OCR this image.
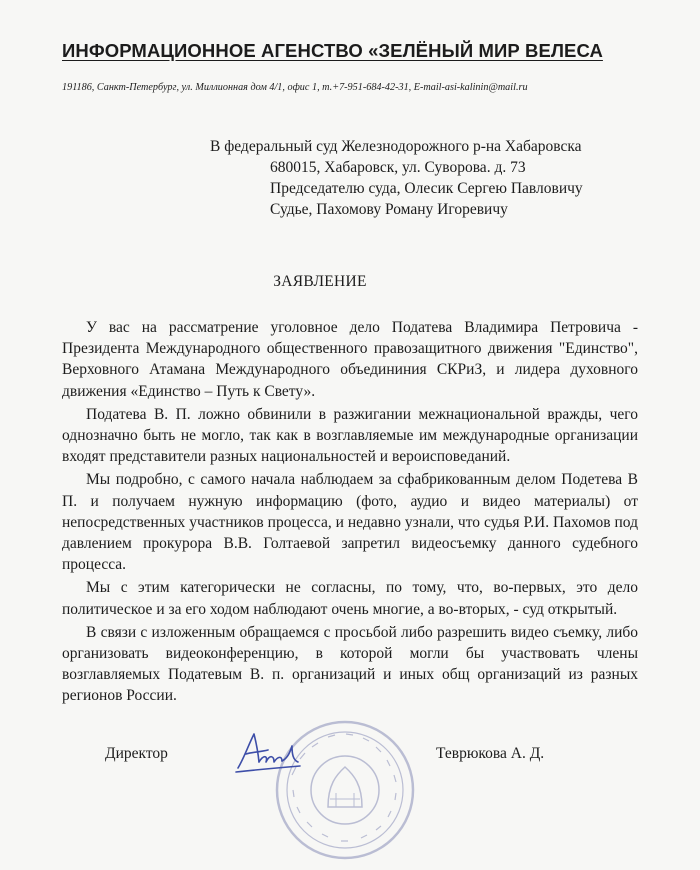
ИНФОРМАЦИОННОЕ АГЕНСТВО «ЗЕЛЁНЫЙ МИР ВЕЛЕСА
191186, Санкт-Петербург, ул. Миллионная дом 4/1, офис 1, т.+7-951-684-42-31, E-mail-asi-kalinin@mail.ru
В федеральный суд Железнодорожного р-на Хабаровска
680015, Хабаровск, ул. Суворова. д. 73
Председателю суда, Олесик Сергею Павловичу
Судье, Пахомову Роману Игоревичу
ЗАЯВЛЕНИЕ

У вас на рассматрение уголовное дело Податева Владимира Петровича - Президента Международного общественного правозащитного движения "Единство", Верховного Атамана Международного объедининия СКРиЗ, и лидера духовного движения «Единство – Путь к Свету».

Податева В. П. ложно обвинили в разжигании межнациональной вражды, чего однозначно быть не могло, так как в возглавляемые им международные организации входят представители разных национальностей и вероисповеданий.

Мы подробно, с самого начала наблюдаем за сфабрикованным делом Подетева В П. и получаем нужную информацию (фото, аудио и видео материалы) от непосредственных участников процесса, и недавно узнали, что судья Р.И. Пахомов под давлением прокурора В.В. Голтаевой запретил видеосъемку данного судебного процесса.

Мы с этим категорически не согласны, по тому, что, во-первых, это дело политическое и за его ходом наблюдают очень многие, а во-вторых, - суд открытый.

В связи с изложенным обращаемся с просьбой либо разрешить видео съемку, либо организовать видеоконференцию, в которой могли бы участвовать члены возглавляемых Податевым В. п. организаций и иных общ организаций из разных регионов России.

Директор	Теврюкова А. Д.
